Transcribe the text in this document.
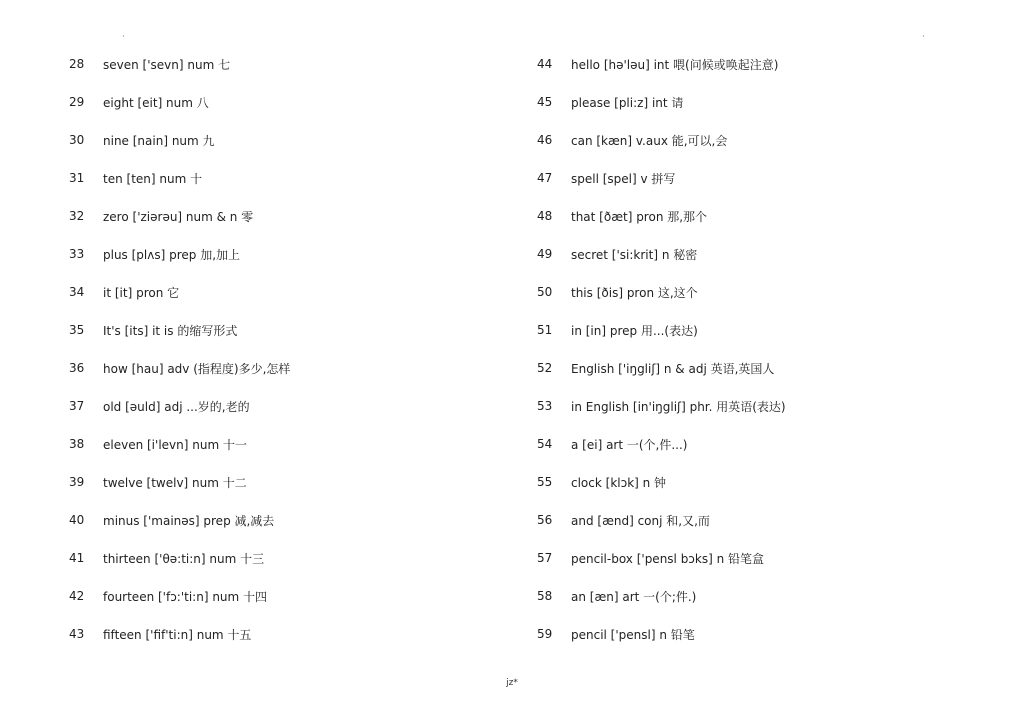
·	·
28	seven ['sevn] num 七
29	eight [eit] num 八
30	nine [nain] num 九
31	ten [ten] num 十
32	zero ['ziərəu] num & n 零
33	plus [plʌs] prep 加,加上
34	it [it] pron 它
35	It's [its] it is 的缩写形式
36	how [hau] adv (指程度)多少,怎样
37	old [əuld] adj ...岁的,老的
38	eleven [i'levn] num 十一
39	twelve [twelv] num 十二
40	minus ['mainəs] prep 减,减去
41	thirteen ['θə:ti:n] num 十三
42	fourteen ['fɔ:'ti:n] num 十四
43	fifteen ['fif'ti:n] num 十五
44	hello [hə'ləu] int 喂(问候或唤起注意)
45	please [pli:z] int 请
46	can [kæn] v.aux 能,可以,会
47	spell [spel] v 拼写
48	that [ðæt] pron 那,那个
49	secret ['si:krit] n 秘密
50	this [ðis] pron 这,这个
51	in [in] prep 用...(表达)
52	English ['iŋgliʃ] n & adj 英语,英国人
53	in English [in'iŋgliʃ] phr. 用英语(表达)
54	a [ei] art 一(个,件...)
55	clock [klɔk] n 钟
56	and [ænd] conj 和,又,而
57	pencil-box ['pensl bɔks] n 铅笔盒
58	an [æn] art 一(个;件.)
59	pencil ['pensl] n 铅笔
jz*
